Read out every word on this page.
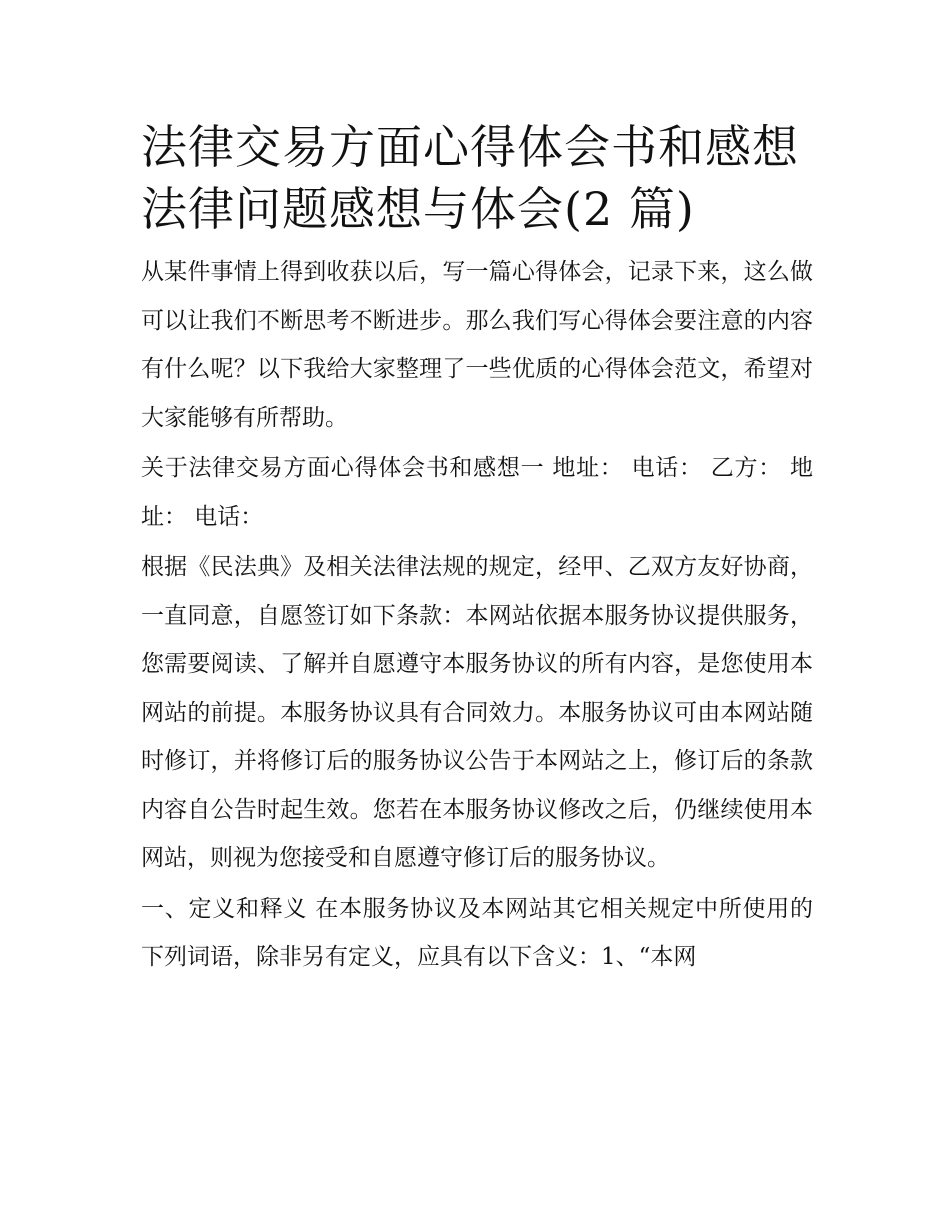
法律交易方面心得体会书和感想 法律问题感想与体会(2 篇)

从某件事情上得到收获以后，写一篇心得体会，记录下来，这么做可以让我们不断思考不断进步。那么我们写心得体会要注意的内容有什么呢？以下我给大家整理了一些优质的心得体会范文，希望对大家能够有所帮助。

关于法律交易方面心得体会书和感想一 地址： 电话： 乙方： 地址： 电话：

根据《民法典》及相关法律法规的规定，经甲、乙双方友好协商，一直同意，自愿签订如下条款：本网站依据本服务协议提供服务，您需要阅读、了解并自愿遵守本服务协议的所有内容，是您使用本网站的前提。本服务协议具有合同效力。本服务协议可由本网站随时修订，并将修订后的服务协议公告于本网站之上，修订后的条款内容自公告时起生效。您若在本服务协议修改之后，仍继续使用本网站，则视为您接受和自愿遵守修订后的服务协议。

一、定义和释义 在本服务协议及本网站其它相关规定中所使用的下列词语，除非另有定义，应具有以下含义：1、“本网
